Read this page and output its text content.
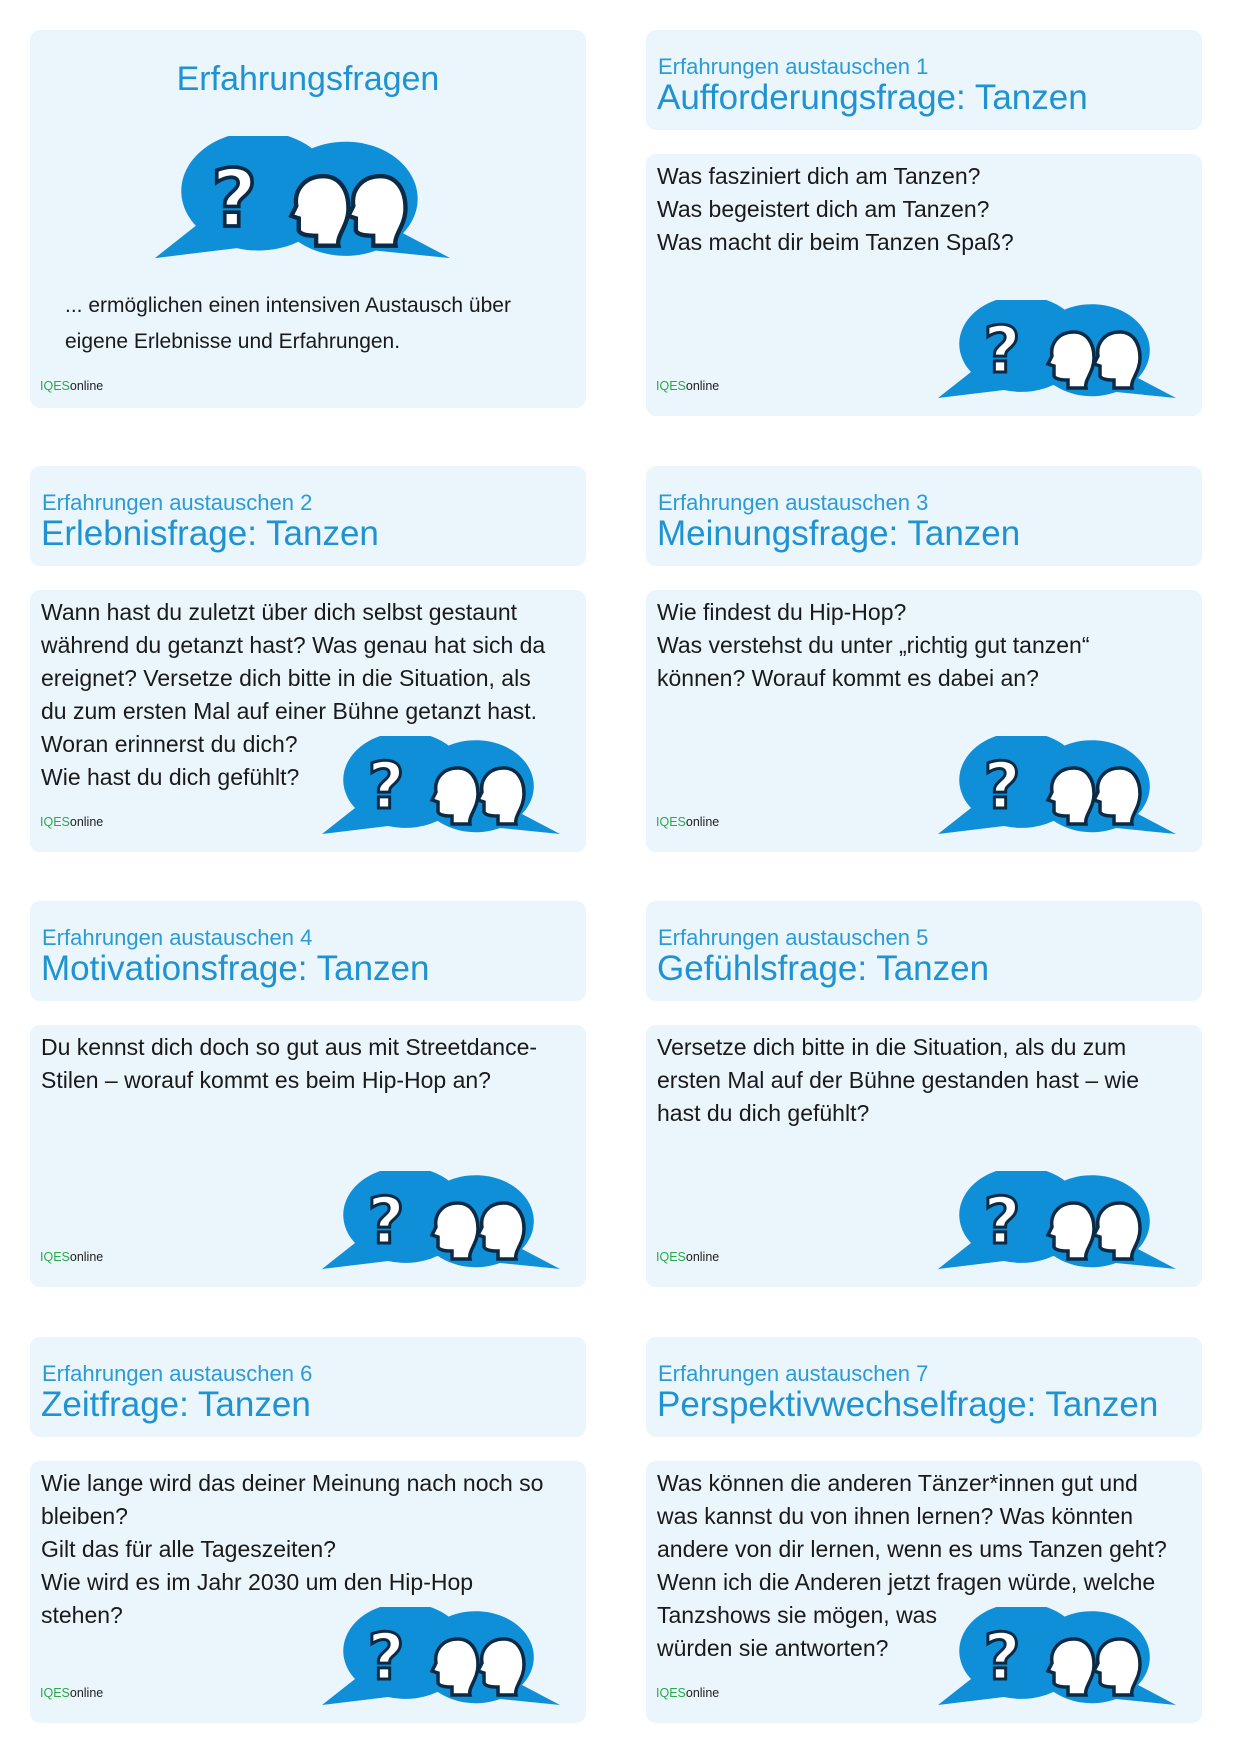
Erfahrungsfragen
... ermöglichen einen intensiven Austausch über
eigene Erlebnisse und Erfahrungen.
IQESonline
Erfahrungen austauschen 1
Aufforderungsfrage: Tanzen
Was fasziniert dich am Tanzen?
Was begeistert dich am Tanzen?
Was macht dir beim Tanzen Spaß?
IQESonline
Erfahrungen austauschen 2
Erlebnisfrage: Tanzen
Wann hast du zuletzt über dich selbst gestaunt
während du getanzt hast? Was genau hat sich da
ereignet? Versetze dich bitte in die Situation, als
du zum ersten Mal auf einer Bühne getanzt hast.
Woran erinnerst du dich?
Wie hast du dich gefühlt?
IQESonline
Erfahrungen austauschen 3
Meinungsfrage: Tanzen
Wie findest du Hip-Hop?
Was verstehst du unter „richtig gut tanzen“
können? Worauf kommt es dabei an?
IQESonline
Erfahrungen austauschen 4
Motivationsfrage: Tanzen
Du kennst dich doch so gut aus mit Streetdance-
Stilen – worauf kommt es beim Hip-Hop an?
IQESonline
Erfahrungen austauschen 5
Gefühlsfrage: Tanzen
Versetze dich bitte in die Situation, als du zum
ersten Mal auf der Bühne gestanden hast – wie
hast du dich gefühlt?
IQESonline
Erfahrungen austauschen 6
Zeitfrage: Tanzen
Wie lange wird das deiner Meinung nach noch so
bleiben?
Gilt das für alle Tageszeiten?
Wie wird es im Jahr 2030 um den Hip-Hop
stehen?
IQESonline
Erfahrungen austauschen 7
Perspektivwechselfrage: Tanzen
Was können die anderen Tänzer*innen gut und
was kannst du von ihnen lernen? Was könnten
andere von dir lernen, wenn es ums Tanzen geht?
Wenn ich die Anderen jetzt fragen würde, welche
Tanzshows sie mögen, was
würden sie antworten?
IQESonline
